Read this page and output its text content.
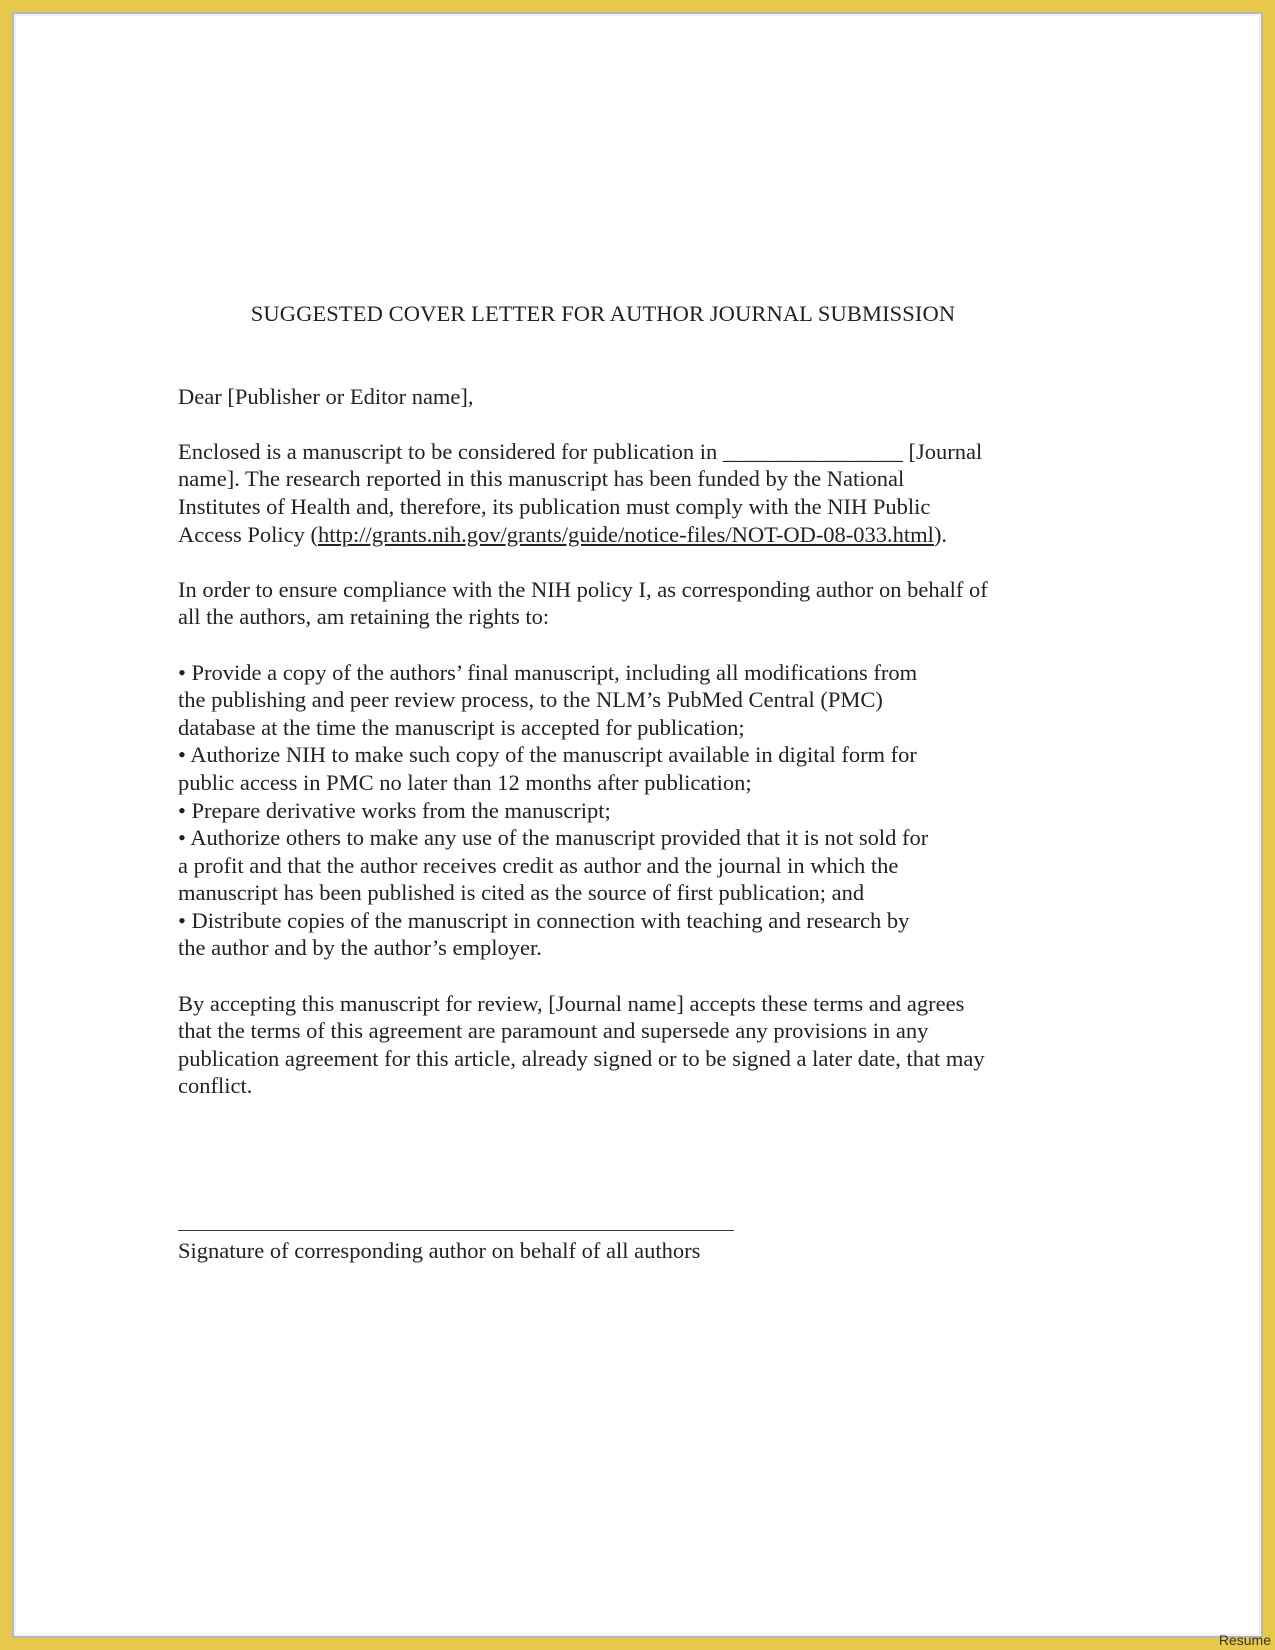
SUGGESTED COVER LETTER FOR AUTHOR JOURNAL SUBMISSION
Dear [Publisher or Editor name],
Enclosed is a manuscript to be considered for publication in ________________ [Journal
name]. The research reported in this manuscript has been funded by the National
Institutes of Health and, therefore, its publication must comply with the NIH Public
Access Policy (http://grants.nih.gov/grants/guide/notice-files/NOT-OD-08-033.html).
In order to ensure compliance with the NIH policy I, as corresponding author on behalf of
all the authors, am retaining the rights to:
• Provide a copy of the authors’ final manuscript, including all modifications from
the publishing and peer review process, to the NLM’s PubMed Central (PMC)
database at the time the manuscript is accepted for publication;
• Authorize NIH to make such copy of the manuscript available in digital form for
public access in PMC no later than 12 months after publication;
• Prepare derivative works from the manuscript;
• Authorize others to make any use of the manuscript provided that it is not sold for
a profit and that the author receives credit as author and the journal in which the
manuscript has been published is cited as the source of first publication; and
• Distribute copies of the manuscript in connection with teaching and research by
the author and by the author’s employer.
By accepting this manuscript for review, [Journal name] accepts these terms and agrees
that the terms of this agreement are paramount and supersede any provisions in any
publication agreement for this article, already signed or to be signed a later date, that may
conflict.
Signature of corresponding author on behalf of all authors
Resume
